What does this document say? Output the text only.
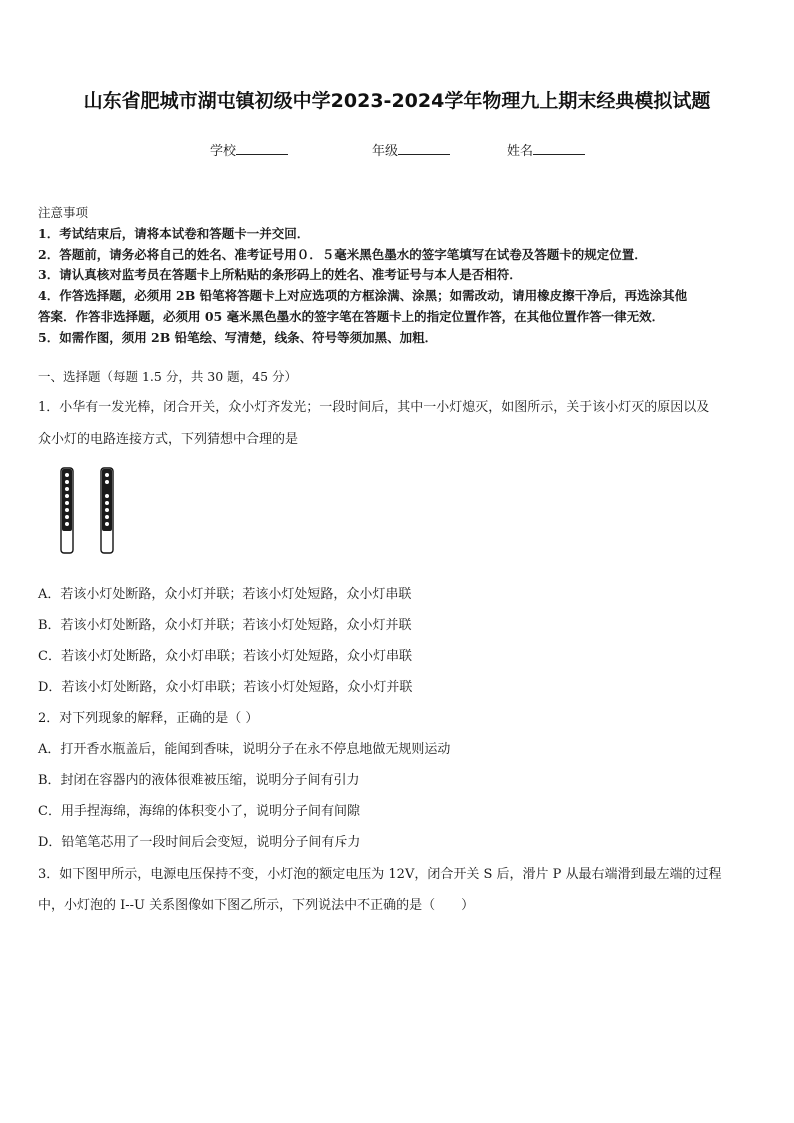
山东省肥城市湖屯镇初级中学2023-2024学年物理九上期末经典模拟试题
学校	年级	姓名
注意事项
1．考试结束后，请将本试卷和答题卡一并交回．
2．答题前，请务必将自己的姓名、准考证号用０．５毫米黑色墨水的签字笔填写在试卷及答题卡的规定位置．
3．请认真核对监考员在答题卡上所粘贴的条形码上的姓名、准考证号与本人是否相符．
4．作答选择题，必须用 2B 铅笔将答题卡上对应选项的方框涂满、涂黑；如需改动，请用橡皮擦干净后，再选涂其他
答案．作答非选择题，必须用 05 毫米黑色墨水的签字笔在答题卡上的指定位置作答，在其他位置作答一律无效．
5．如需作图，须用 2B 铅笔绘、写清楚，线条、符号等须加黑、加粗．
一、选择题（每题 1.5 分，共 30 题，45 分）
1．小华有一发光棒，闭合开关，众小灯齐发光；一段时间后，其中一小灯熄灭，如图所示，关于该小灯灭的原因以及
众小灯的电路连接方式，下列猜想中合理的是
A．若该小灯处断路，众小灯并联；若该小灯处短路，众小灯串联
B．若该小灯处断路，众小灯并联；若该小灯处短路，众小灯并联
C．若该小灯处断路，众小灯串联；若该小灯处短路，众小灯串联
D．若该小灯处断路，众小灯串联；若该小灯处短路，众小灯并联
2．对下列现象的解释，正确的是（ ）
A．打开香水瓶盖后，能闻到香味，说明分子在永不停息地做无规则运动
B．封闭在容器内的液体很难被压缩，说明分子间有引力
C．用手捏海绵，海绵的体积变小了，说明分子间有间隙
D．铅笔笔芯用了一段时间后会变短，说明分子间有斥力
3．如下图甲所示，电源电压保持不变，小灯泡的额定电压为 12V，闭合开关 S 后，滑片 P 从最右端滑到最左端的过程
中，小灯泡的 I--U 关系图像如下图乙所示，下列说法中不正确的是（　　）
